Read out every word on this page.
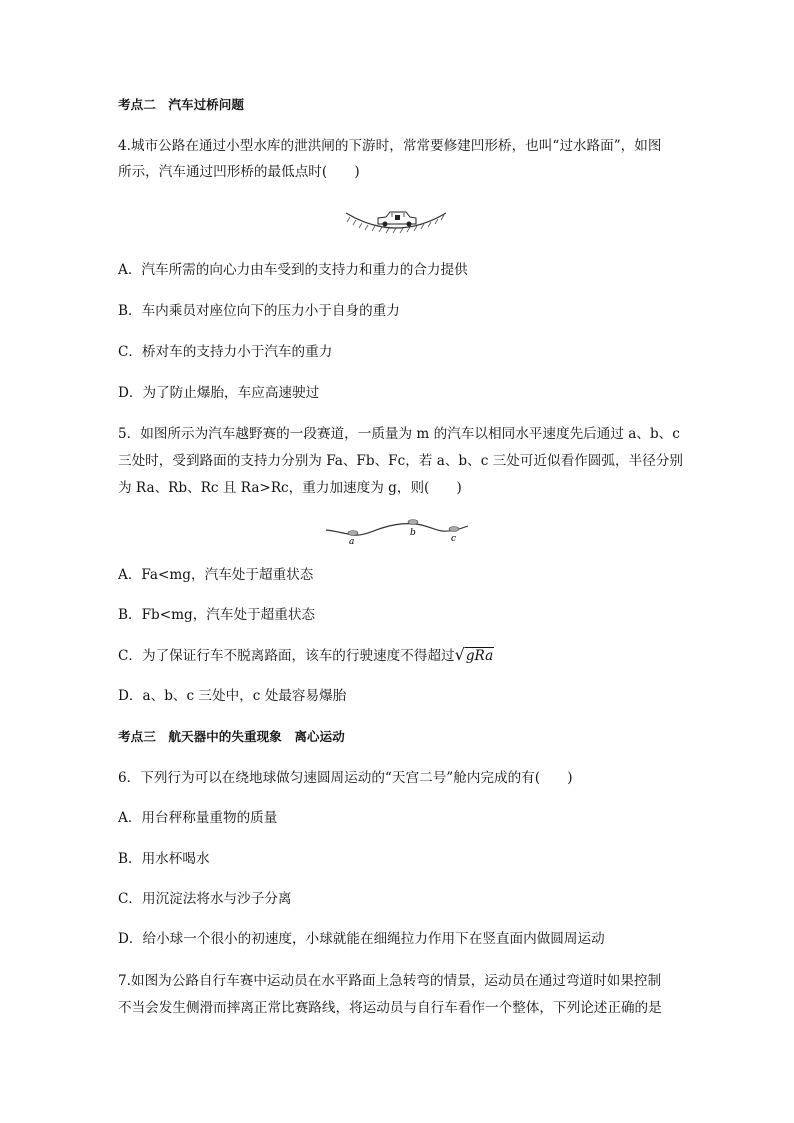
考点二　汽车过桥问题
4.城市公路在通过小型水库的泄洪闸的下游时，常常要修建凹形桥，也叫“过水路面”，如图
所示，汽车通过凹形桥的最低点时(　　)
A．汽车所需的向心力由车受到的支持力和重力的合力提供
B．车内乘员对座位向下的压力小于自身的重力
C．桥对车的支持力小于汽车的重力
D．为了防止爆胎，车应高速驶过
5．如图所示为汽车越野赛的一段赛道，一质量为 m 的汽车以相同水平速度先后通过 a、b、c
三处时，受到路面的支持力分别为 Fa、Fb、Fc，若 a、b、c 三处可近似看作圆弧，半径分别
为 Ra、Rb、Rc 且 Ra>Rc，重力加速度为 g，则(　　)
a
b
c
A．Fa<mg，汽车处于超重状态
B．Fb<mg，汽车处于超重状态
C．为了保证行车不脱离路面，该车的行驶速度不得超过√gRa
D．a、b、c 三处中，c 处最容易爆胎
考点三　航天器中的失重现象　离心运动
6．下列行为可以在绕地球做匀速圆周运动的“天宫二号”舱内完成的有(　　)
A．用台秤称量重物的质量
B．用水杯喝水
C．用沉淀法将水与沙子分离
D．给小球一个很小的初速度，小球就能在细绳拉力作用下在竖直面内做圆周运动
7.如图为公路自行车赛中运动员在水平路面上急转弯的情景，运动员在通过弯道时如果控制
不当会发生侧滑而摔离正常比赛路线，将运动员与自行车看作一个整体，下列论述正确的是
